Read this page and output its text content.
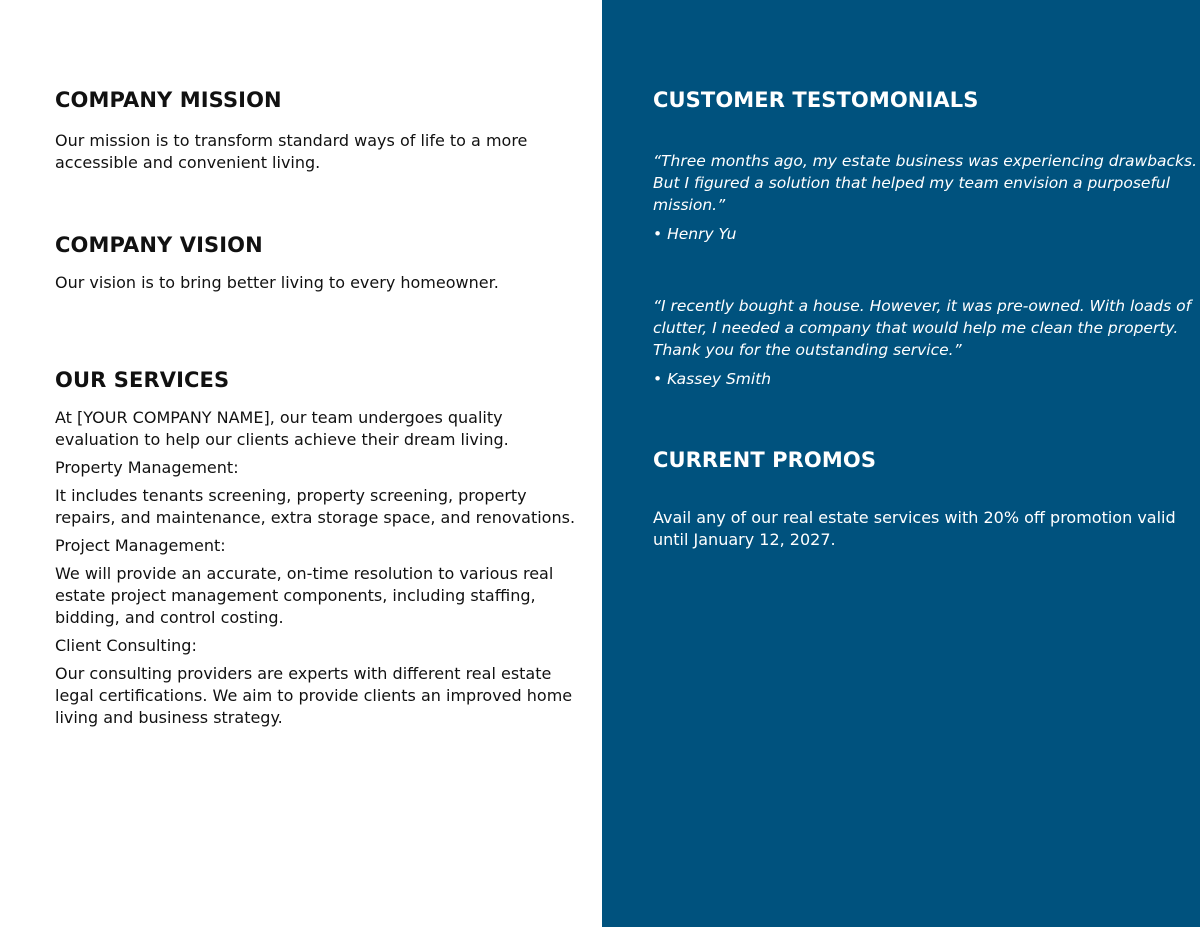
COMPANY MISSION
Our mission is to transform standard ways of life to a more
accessible and convenient living.
COMPANY VISION
Our vision is to bring better living to every homeowner.
OUR SERVICES
At [YOUR COMPANY NAME], our team undergoes quality
evaluation to help our clients achieve their dream living.
Property Management:
It includes tenants screening, property screening, property
repairs, and maintenance, extra storage space, and renovations.
Project Management:
We will provide an accurate, on-time resolution to various real
estate project management components, including staffing,
bidding, and control costing.
Client Consulting:
Our consulting providers are experts with different real estate
legal certifications. We aim to provide clients an improved home
living and business strategy.
CUSTOMER TESTOMONIALS
“Three months ago, my estate business was experiencing drawbacks.
But I figured a solution that helped my team envision a purposeful
mission.”
• Henry Yu
“I recently bought a house. However, it was pre-owned. With loads of
clutter, I needed a company that would help me clean the property.
Thank you for the outstanding service.”
• Kassey Smith
CURRENT PROMOS
Avail any of our real estate services with 20% off promotion valid
until January 12, 2027.
